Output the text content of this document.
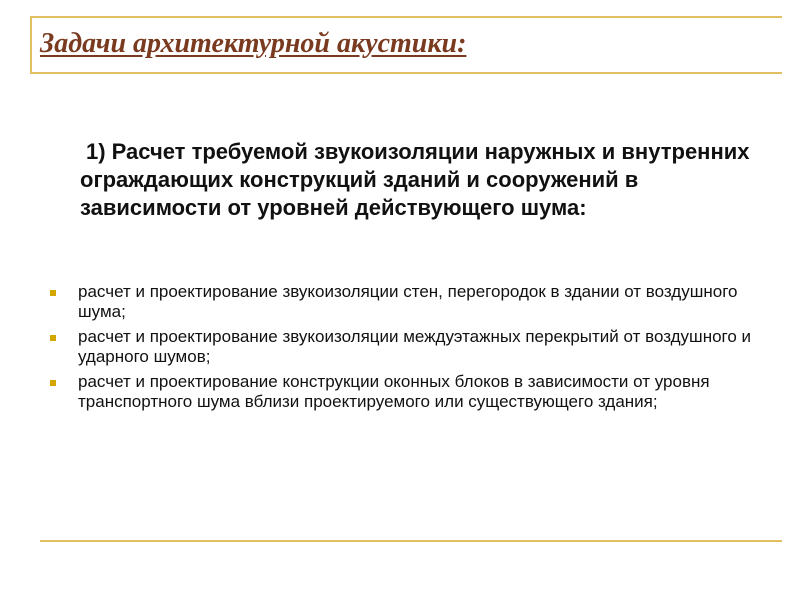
Задачи архитектурной акустики:

1) Расчет требуемой звукоизоляции наружных и внутренних ограждающих конструкций зданий и сооружений в зависимости от уровней действующего шума:

расчет и проектирование звукоизоляции стен, перегородок в здании от воздушного шума;
расчет и проектирование звукоизоляции междуэтажных перекрытий от воздушного и ударного шумов;
расчет и проектирование конструкции оконных блоков в зависимости от уровня транспортного шума вблизи проектируемого или существующего здания;
